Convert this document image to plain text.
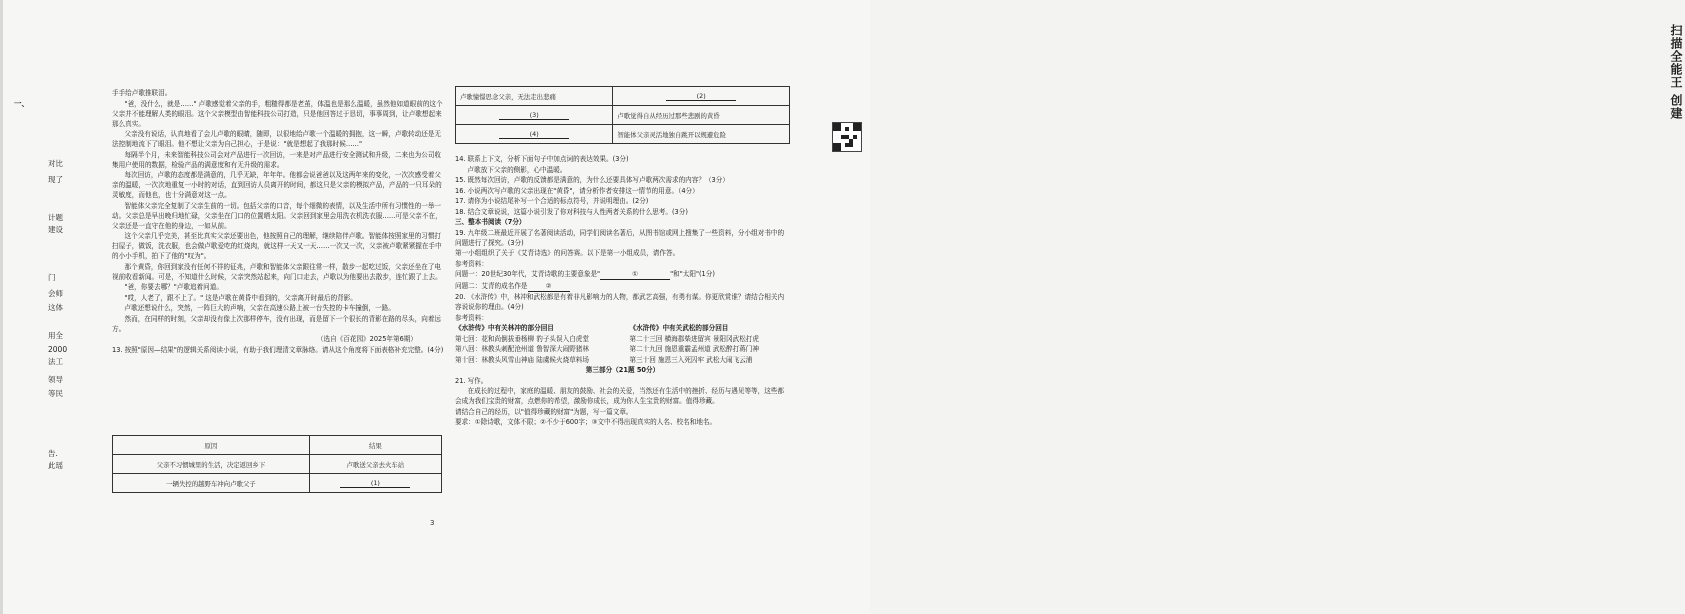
一、
对比
现了
计题
建设
门
会师
这体
用全
2000
法工
领导
等民
告.
此瑶
扫描全能王 创建

手手给卢歌推联泪。

"爸，没什么，就是……" 卢歌感觉着父亲的手，粗糙得都是老茧，体温也是那么温暖，虽然他如道眼前的这个父亲并不能理解人类的眼泪。这个父亲模型由智能科技公司打造，只是他回答过于恳切，事事周到，让卢歌想起来那么真实。

父亲没有说话，认真地看了会儿卢歌的眼睛，随即，以很地给卢歌一个温暖的拥抱，这一瞬，卢歌转动还是无法控制地流下了眼泪。他不想让父亲为自己担心，于是说："就是想起了我那时候……"

每隔半个月，未来智能科技公司会对产品进行一次回访，一来是对产品进行安全测试和升级，二来也为公司收集用户使用的数据，检验产品的满意度和有无升级的需求。

每次回访，卢歌的态度都是满意的，几乎无缺，年年年。他都会说爸爸以及这两年来的变化，一次次感受着父亲的温暖，一次次地重复一小时的对话，直到回访人员离开的时间，都这只是父亲的模拟产品，产品的一只耳朵的灵敏度，而他也，也十分满意对这一点。

智能体父亲完全复制了父亲生前的一切。包括父亲的口音，每个细微的表情，以及生活中所有习惯性的一举一动。父亲总是早出晚归地忙碌，父亲坐在门口的位置晒太阳。父亲回到家里会用洗衣机洗衣服……可是父亲不在，父亲还是一直守在他的身边，一如从前。

这个父亲几乎完美，甚至比真实父亲还要出色，他按照自己的理解，继续陪伴卢歌。智能体按照家里的习惯打扫屋子，做饭，洗衣服，也会做卢歌爱吃的红烧肉，就这样一天又一天……一次又一次，父亲被卢歌紧紧握在手中的小小手机，拍下了他的"叹为"。

那个黄昏，你回到家没有任何不祥的征兆，卢歌和智能体父亲跟往常一样，散步一起吃过饭，父亲还坐在了电视前收看新闻。可是，不知道什么时候，父亲突然站起来，向门口走去，卢歌以为他要出去散步，连忙跟了上去。

"爸，你要去哪？"卢歌追着问道。

"哎，人老了，跟不上了。" 这是卢歌在黄昏中看到的，父亲离开时最后的背影。

卢歌还想说什么，突然，一阵巨大的声响，父亲在高速公路上被一台失控的卡车撞倒，一路。

然而，在同样的时刻，父亲却没有像上次那样停车，没有出现，而是留下一个很长的背影在路的尽头，向着远方。

（选自《百花园》2025年第6期）

13. 按照"原因—结果"的逻辑关系阅读小说，有助于我们理清文章脉络。请从这个角度将下面表格补充完整。(4分)

原因	结果
父亲不习惯城里的生活，决定返回乡下	卢歌送父亲去火车站
一辆失控的越野车冲向卢歌父子	(1)
3
卢歌憧憬思念父亲，无法走出悲痛	(2)
(3)	卢歌觉得自从经历过那些悲剧的黄昏
(4)	智能体父亲灵活地独自跳开以规避危险

14. 联系上下文，分析下面句子中加点词的表达效果。(3分)

卢歌放下父亲的侧影，心中温暖。

15. 既然每次回访，卢歌的反馈都是满意的，为什么还要具体写卢歌两次需求的内容？（3分）

16. 小说两次写卢歌的父亲出现在"黄昏"，请分析作者安排这一情节的用意。（4分）

17. 请你为小说结尾补写一个合适的标点符号，并说明理由。(2分)

18. 结合文章说说，这篇小说引发了你对科技与人性两者关系的什么思考。(3分)

三、整本书阅读（7分）

19. 九年级二班最近开展了名著阅读活动，同学们阅读名著后，从图书馆或网上搜集了一些资料，分小组对书中的问题进行了探究。(3分)

第一小组组织了关于《艾青诗选》的问答赛。以下是第一小组成员，请作答。

参考资料：

问题一：20世纪30年代，艾青诗歌的主要意象是"	①	"和"太阳"(1分)

问题二：艾青的成名作是	②

20. 《水浒传》中，林冲和武松都是有着非凡影响力的人物，都武艺高强，有勇有谋。你更欣赏谁？请结合相关内容说说你的理由。(4分)

参考资料：

《水浒传》中有关林冲的部分回目

第七回：花和尚倒拔垂杨柳 豹子头误入白虎堂

第八回：林教头刺配沧州道 鲁智深大闹野猪林

第十回：林教头风雪山神庙 陆虞候火烧草料场

《水浒传》中有关武松的部分回目

第二十三回 横海郡柴进留宾 景阳冈武松打虎

第二十九回 施恩重霸孟州道 武松醉打蒋门神

第三十回 施恩三入死囚牢 武松大闹飞云浦

第三部分（21题 50分）

21. 写作。

在成长的过程中，家庭的温暖、朋友的鼓励、社会的关爱，当然还有生活中的挫折、经历与遇见等等，这些都会成为我们宝贵的财富，点燃你的希望，激励你成长，成为你人生宝贵的财富。值得珍藏。

请结合自己的经历，以"值得珍藏的财富"为题，写一篇文章。

要求：①除诗歌，文体不限；②不少于600字；③文中不得出现真实的人名、校名和地名。
